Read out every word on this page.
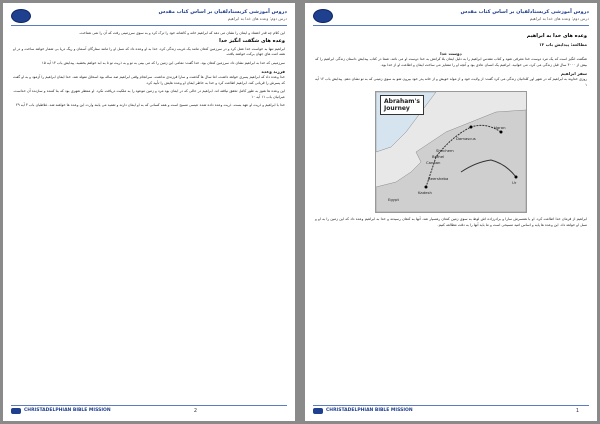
دروس آموزشی کریستادلفیان بر اساس کتاب مقدس
درس دوم: وعده های خدا به ابراهیم

این کلام چه قدر اعتماد و ایمان را نشان می دهد که ابراهیم خانه و کاشانه خود را ترک کرد و به سوی سرزمینی رفت که آن را نمی شناخت.

وعده های شگفت انگیز خدا

ابراهیم تنها به خواست خدا عمل کرد و در سرزمین کنعان مانند یک غریب زندگی کرد. خدا به او وعده داد که نسل او را مانند ستارگان آسمان و ریگ دریا بی شمار خواهد ساخت و در او همه امت های جهان برکت خواهند یافت.

سرزمینی که خدا به ابراهیم نشان داد سرزمین کنعان بود. خدا گفت: تمامی این زمین را که می بینی به تو و به ذریت تو تا به ابد خواهم بخشید. پیدایش باب ۱۳ آیه ۱۵

فرزند وعده

خدا وعده داد که ابراهیم پسری خواهد داشت، اما سال ها گذشت و سارا فرزندی نداشت. سرانجام وقتی ابراهیم صد ساله بود اسحاق متولد شد. خدا ایمان ابراهیم را آزمود و به او گفت که پسرش را قربانی کند. ابراهیم اطاعت کرد و خدا به خاطر ایمان او وعده هایش را تأیید کرد.

این وعده ها هنوز به طور کامل تحقق نیافته اند. ابراهیم در حالی که در ایمان بود مرد و زمین موعود را به ملکیت دریافت نکرد. او منتظر شهری بود که بنا کننده و سازنده آن خداست. عبرانیان باب ۱۱ آیه ۱۰

خدا با ابراهیم و ذریت او عهد بست. ذریت وعده داده شده عیسی مسیح است و همه کسانی که به او ایمان دارند و تعمید می یابند وارث این وعده ها خواهند شد. غلاطیان باب ۳ آیه ۲۹

CHRISTADELPHIAN BIBLE MISSION	2
دروس آموزشی کریستادلفیان بر اساس کتاب مقدس
درس دوم: وعده های خدا به ابراهیم
وعده های خدا به ابراهیم
مطالعه: پیدایش باب ۱۲
دوست خدا

شگفت انگیز است که یک مرد دوست خدا معرفی شود و کتاب مقدس ابراهیم را به دلیل ایمان بلا کرانش به خدا دوست او می نامد. شما در کتاب پیدایش داستان زندگی ابراهیم را که بیش از ۴۰۰۰ سال قبل زندگی می کرد، می خوانید. ابراهیم یک انسان عادی بود و آنچه او را متمایز می ساخت ایمان و اطاعت او از خدا بود.

سفر ابراهیم

روزی خداوند به ابراهیم که در شهر اور کلدانیان زندگی می کرد گفت: از ولایت خود و از مولد خویش و از خانه پدر خود بیرون شو به سوی زمینی که به تو نشان دهم. پیدایش باب ۱۲ آیه ۱

Abraham's
Journey
Haran
Canaan
Ur
Beersheba
Kadesh
Damascus
Shechem
Bethel
Egypt

ابراهیم از فرمان خدا اطاعت کرد. او با همسرش سارا و برادرزاده اش لوط به سوی زمین کنعان رهسپار شد. آنها به کنعان رسیدند و خدا به ابراهیم وعده داد که این زمین را به او و نسل او خواهد داد. این وعده ها پایه و اساس امید مسیحی است و ما باید آنها را به دقت مطالعه کنیم.

CHRISTADELPHIAN BIBLE MISSION	1
